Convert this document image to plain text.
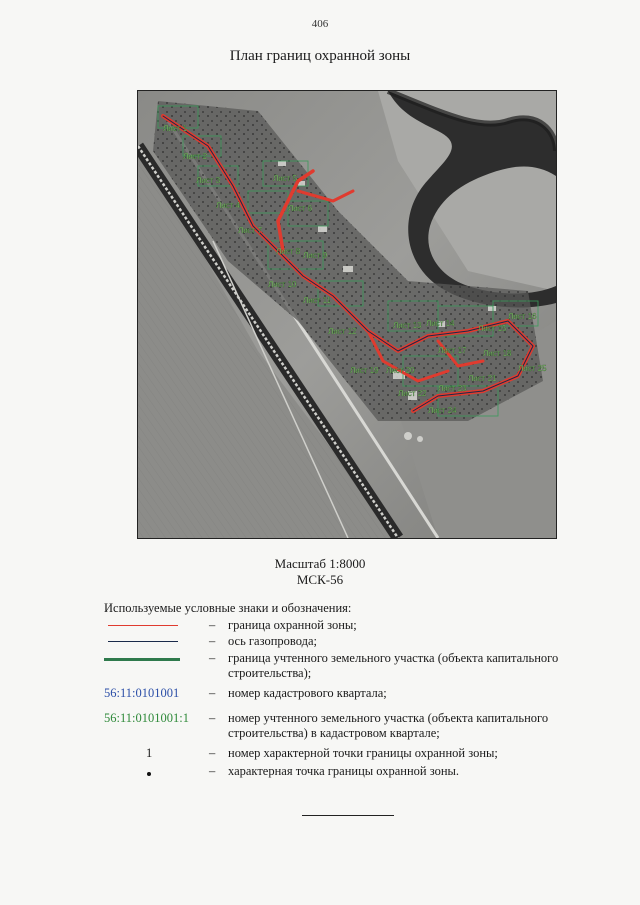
406
План границ охранной зоны
Лист 1
Лист 2
Лист 3
Лист 4
Лист 5
Лист 6
Лист 7
Лист 8 Лист 9
Лист 10
Лист 11
Лист 12
Лист 13 Лист 14
Лист 15
Лист 16
Лист 17 Лист 18
Лист 19 Лист 20
Лист 21
Лист 22
Лист 23
Лист 24
Лист 25
Масштаб 1:8000
МСК-56
Используемые условные знаки и обозначения:
– граница охранной зоны;
– ось газопровода;
– граница учтенного земельного участка (объекта капитального строительства);
56:11:0101001	– номер кадастрового квартала;
56:11:0101001:1	– номер учтенного земельного участка (объекта капитального строительства) в кадастровом квартале;
1	– номер характерной точки границы охранной зоны;
– характерная точка границы охранной зоны.
